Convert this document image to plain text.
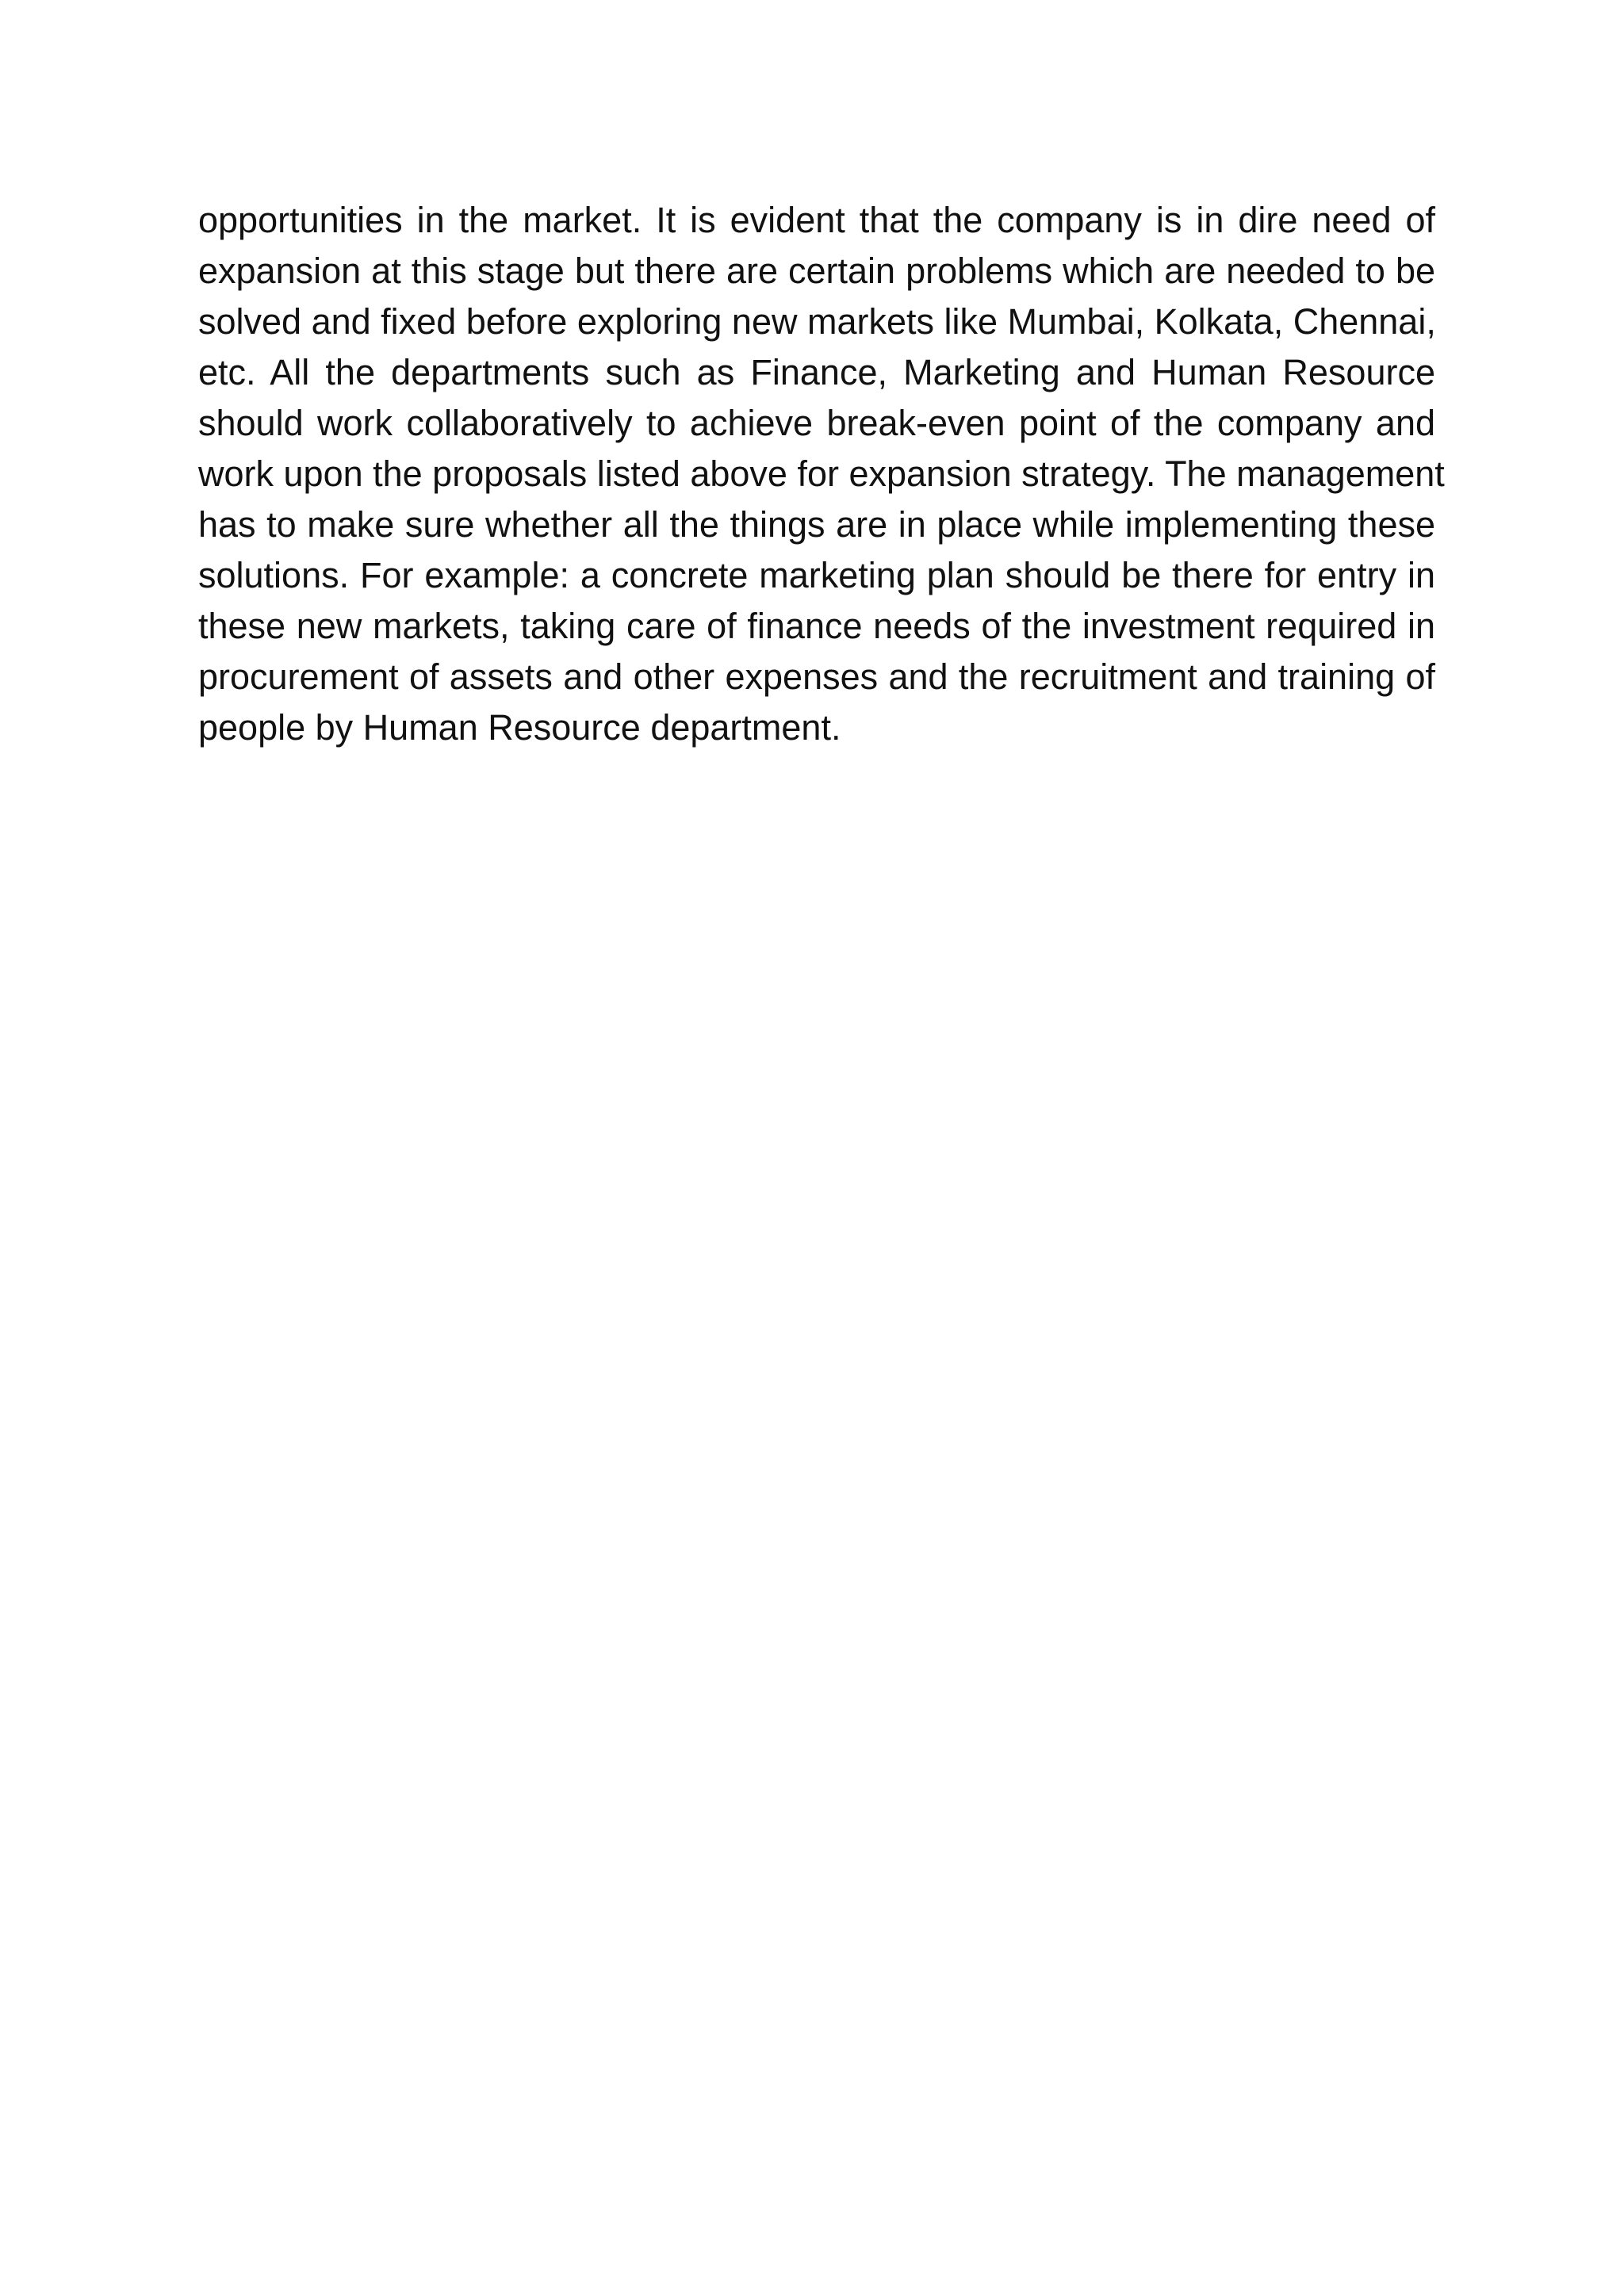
opportunities in the market. It is evident that the company is in dire need of
expansion at this stage but there are certain problems which are needed to be
solved and fixed before exploring new markets like Mumbai, Kolkata, Chennai,
etc. All the departments such as Finance, Marketing and Human Resource
should work collaboratively to achieve break-even point of the company and
work upon the proposals listed above for expansion strategy. The management
has to make sure whether all the things are in place while implementing these
solutions. For example: a concrete marketing plan should be there for entry in
these new markets, taking care of finance needs of the investment required in
procurement of assets and other expenses and the recruitment and training of
people by Human Resource department.
